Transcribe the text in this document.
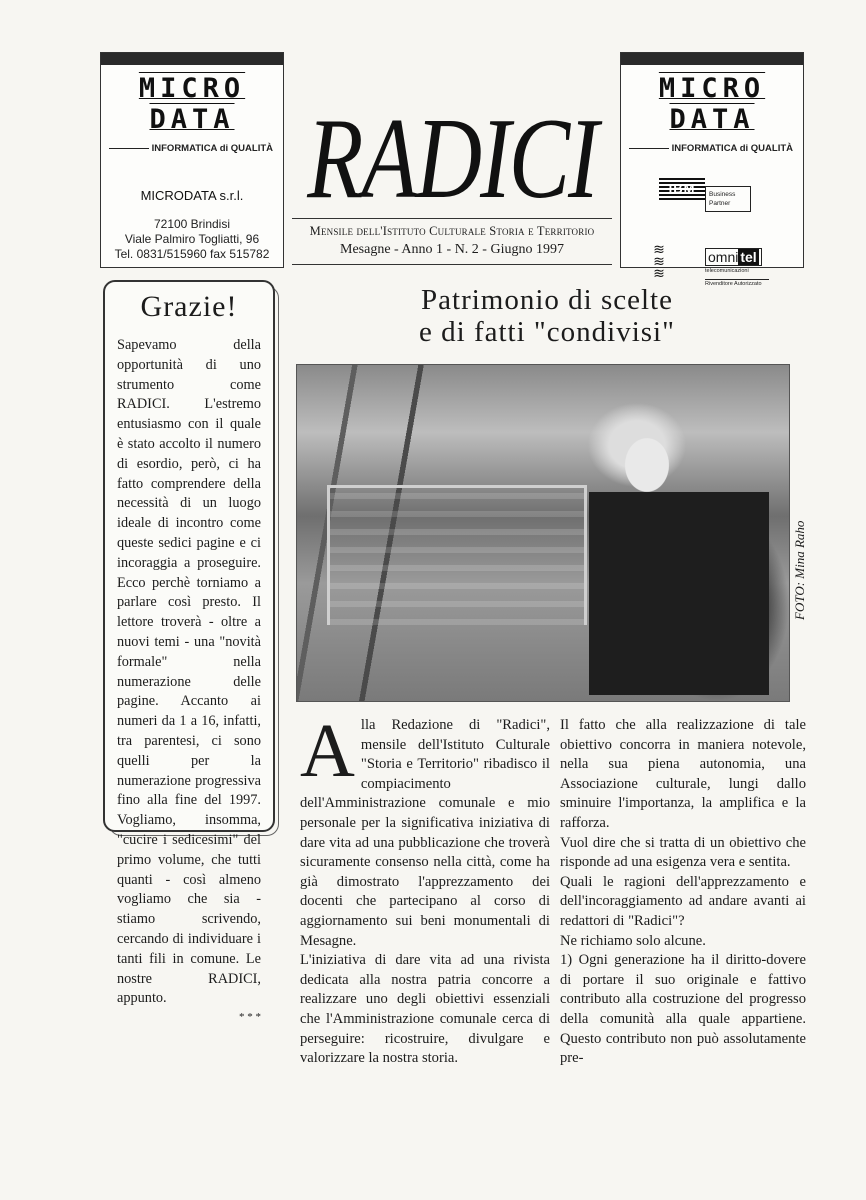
MICRO DATA
INFORMATICA di QUALITÀ
MICRODATA s.r.l.
72100 Brindisi
Viale Palmiro Togliatti, 96
Tel. 0831/515960 fax 515782
MICRO DATA
INFORMATICA di QUALITÀ
IBM	Business Partner
≋
≋
≋
omni tel
telecomunicazioni
Rivenditore Autorizzato
RADICI
Mensile dell'Istituto Culturale Storia e Territorio
Mesagne - Anno 1 - N. 2 - Giugno 1997
Grazie!

Sapevamo della opportunità di uno strumento come RADICI. L'estremo entusiasmo con il quale è stato accolto il numero di esordio, però, ci ha fatto comprendere della necessità di un luogo ideale di incontro come queste sedici pagine e ci incoraggia a proseguire. Ecco perchè torniamo a parlare così presto. Il lettore troverà - oltre a nuovi temi - una "novità formale" nella numerazione delle pagine. Accanto ai numeri da 1 a 16, infatti, tra parentesi, ci sono quelli per la numerazione progressiva fino alla fine del 1997. Vogliamo, insomma, "cucire i sedicesimi" del primo volume, che tutti quanti - così almeno vogliamo che sia - stiamo scrivendo, cercando di individuare i tanti fili in comune. Le nostre RADICI, appunto.

* * *
Patrimonio di scelte
e di fatti "condivisi"
FOTO: Mina Raho

Alla Redazione di "Radici", mensile dell'Istituto Culturale "Storia e Territorio" ribadisco il compiacimento dell'Amministrazione comunale e mio personale per la significativa iniziativa di dare vita ad una pubblicazione che troverà sicuramente consenso nella città, come ha già dimostrato l'apprezzamento dei docenti che partecipano al corso di aggiornamento sui beni monumentali di Mesagne.

L'iniziativa di dare vita ad una rivista dedicata alla nostra patria concorre a realizzare uno degli obiettivi essenziali che l'Amministrazione comunale cerca di perseguire: ricostruire, divulgare e valorizzare la nostra storia.

Il fatto che alla realizzazione di tale obiettivo concorra in maniera notevole, nella sua piena autonomia, una Associazione culturale, lungi dallo sminuire l'importanza, la amplifica e la rafforza.

Vuol dire che si tratta di un obiettivo che risponde ad una esigenza vera e sentita.

Quali le ragioni dell'apprezzamento e dell'incoraggiamento ad andare avanti ai redattori di "Radici"?

Ne richiamo solo alcune.

1) Ogni generazione ha il diritto-dovere di portare il suo originale e fattivo contributo alla costruzione del progresso della comunità alla quale appartiene. Questo contributo non può assolutamente pre-
